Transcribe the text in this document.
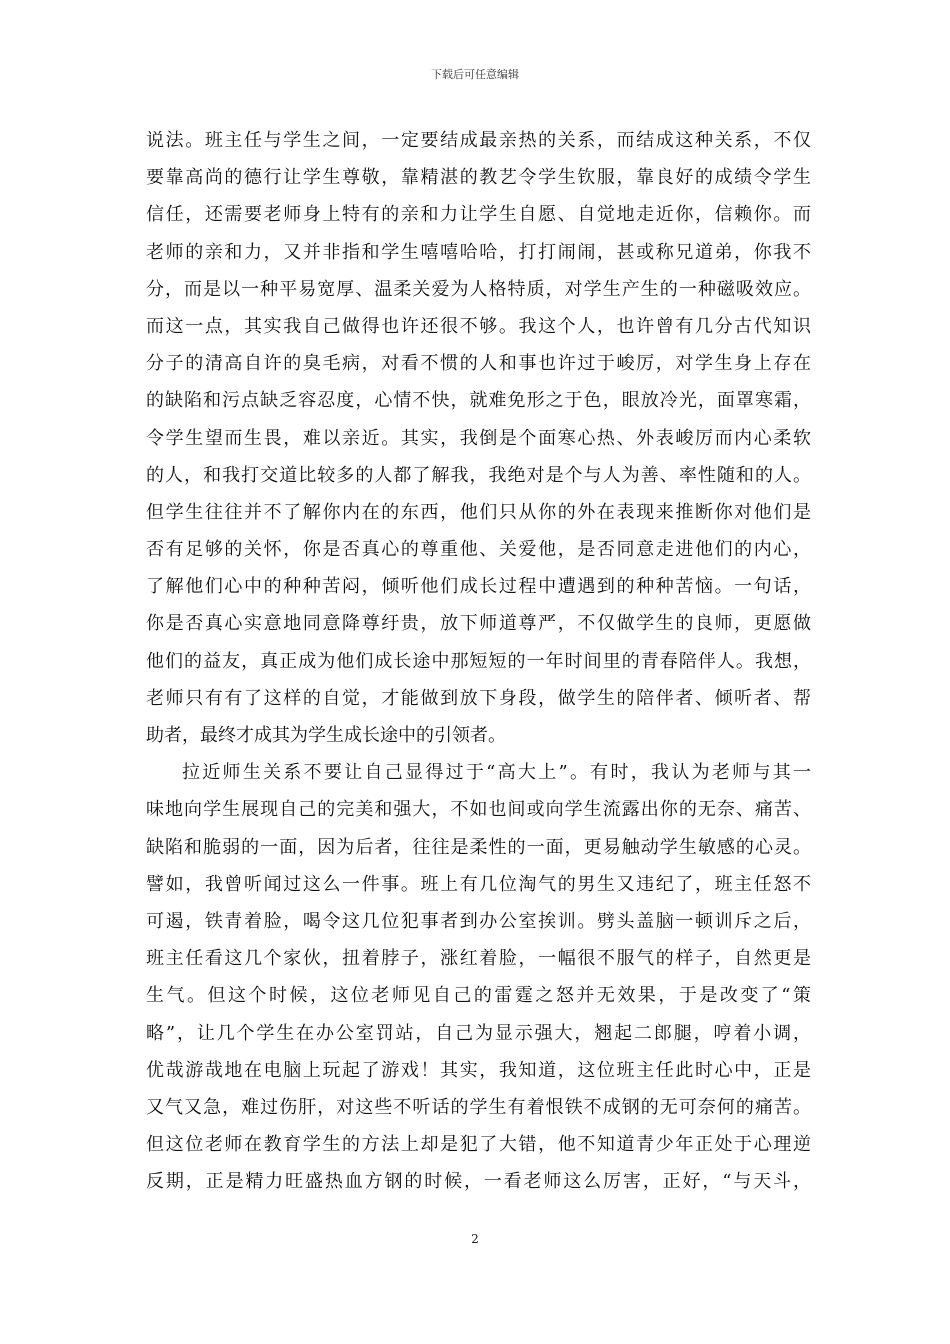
下载后可任意编辑
说法。班主任与学生之间，一定要结成最亲热的关系，而结成这种关系，不仅
要靠高尚的德行让学生尊敬，靠精湛的教艺令学生钦服，靠良好的成绩令学生
信任，还需要老师身上特有的亲和力让学生自愿、自觉地走近你，信赖你。而
老师的亲和力，又并非指和学生嘻嘻哈哈，打打闹闹，甚或称兄道弟，你我不
分，而是以一种平易宽厚、温柔关爱为人格特质，对学生产生的一种磁吸效应。
而这一点，其实我自己做得也许还很不够。我这个人，也许曾有几分古代知识
分子的清高自许的臭毛病，对看不惯的人和事也许过于峻厉，对学生身上存在
的缺陷和污点缺乏容忍度，心情不快，就难免形之于色，眼放冷光，面罩寒霜，
令学生望而生畏，难以亲近。其实，我倒是个面寒心热、外表峻厉而内心柔软
的人，和我打交道比较多的人都了解我，我绝对是个与人为善、率性随和的人。
但学生往往并不了解你内在的东西，他们只从你的外在表现来推断你对他们是
否有足够的关怀，你是否真心的尊重他、关爱他，是否同意走进他们的内心，
了解他们心中的种种苦闷，倾听他们成长过程中遭遇到的种种苦恼。一句话，
你是否真心实意地同意降尊纡贵，放下师道尊严，不仅做学生的良师，更愿做
他们的益友，真正成为他们成长途中那短短的一年时间里的青春陪伴人。我想，
老师只有有了这样的自觉，才能做到放下身段，做学生的陪伴者、倾听者、帮
助者，最终才成其为学生成长途中的引领者。
拉近师生关系不要让自己显得过于“高大上”。有时，我认为老师与其一
味地向学生展现自己的完美和强大，不如也间或向学生流露出你的无奈、痛苦、
缺陷和脆弱的一面，因为后者，往往是柔性的一面，更易触动学生敏感的心灵。
譬如，我曾听闻过这么一件事。班上有几位淘气的男生又违纪了，班主任怒不
可遏，铁青着脸，喝令这几位犯事者到办公室挨训。劈头盖脑一顿训斥之后，
班主任看这几个家伙，扭着脖子，涨红着脸，一幅很不服气的样子，自然更是
生气。但这个时候，这位老师见自己的雷霆之怒并无效果，于是改变了“策
略”，让几个学生在办公室罚站，自己为显示强大，翘起二郎腿，哼着小调，
优哉游哉地在电脑上玩起了游戏！其实，我知道，这位班主任此时心中，正是
又气又急，难过伤肝，对这些不听话的学生有着恨铁不成钢的无可奈何的痛苦。
但这位老师在教育学生的方法上却是犯了大错，他不知道青少年正处于心理逆
反期，正是精力旺盛热血方钢的时候，一看老师这么厉害，正好，“与天斗，
2
